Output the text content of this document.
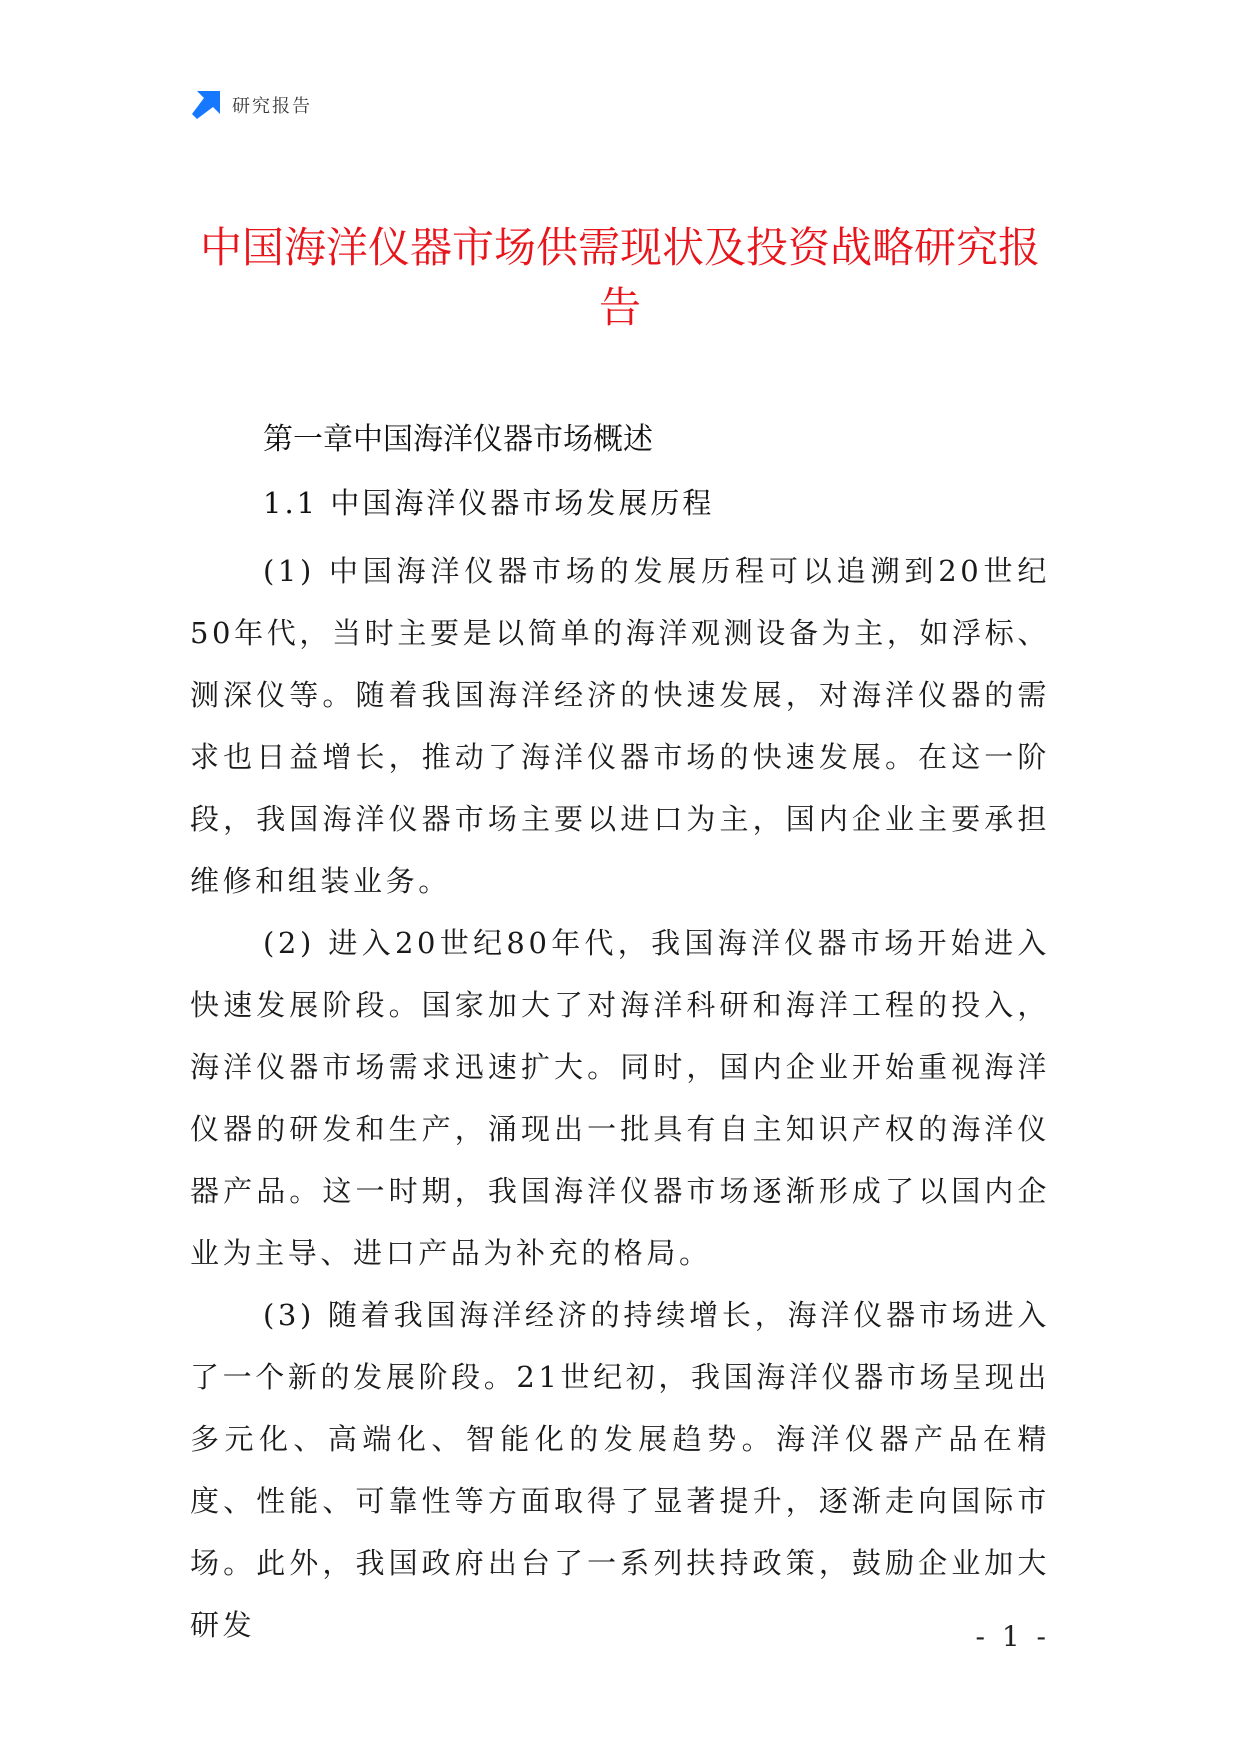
研究报告
中国海洋仪器市场供需现状及投资战略研究报告
第一章中国海洋仪器市场概述
1.1 中国海洋仪器市场发展历程

(1) 中国海洋仪器市场的发展历程可以追溯到20世纪50年代，当时主要是以简单的海洋观测设备为主，如浮标、测深仪等。随着我国海洋经济的快速发展，对海洋仪器的需求也日益增长，推动了海洋仪器市场的快速发展。在这一阶段，我国海洋仪器市场主要以进口为主，国内企业主要承担维修和组装业务。

(2) 进入20世纪80年代，我国海洋仪器市场开始进入快速发展阶段。国家加大了对海洋科研和海洋工程的投入，海洋仪器市场需求迅速扩大。同时，国内企业开始重视海洋仪器的研发和生产，涌现出一批具有自主知识产权的海洋仪器产品。这一时期，我国海洋仪器市场逐渐形成了以国内企业为主导、进口产品为补充的格局。

(3) 随着我国海洋经济的持续增长，海洋仪器市场进入了一个新的发展阶段。21世纪初，我国海洋仪器市场呈现出多元化、高端化、智能化的发展趋势。海洋仪器产品在精度、性能、可靠性等方面取得了显著提升，逐渐走向国际市场。此外，我国政府出台了一系列扶持政策，鼓励企业加大研发	- 1 -
